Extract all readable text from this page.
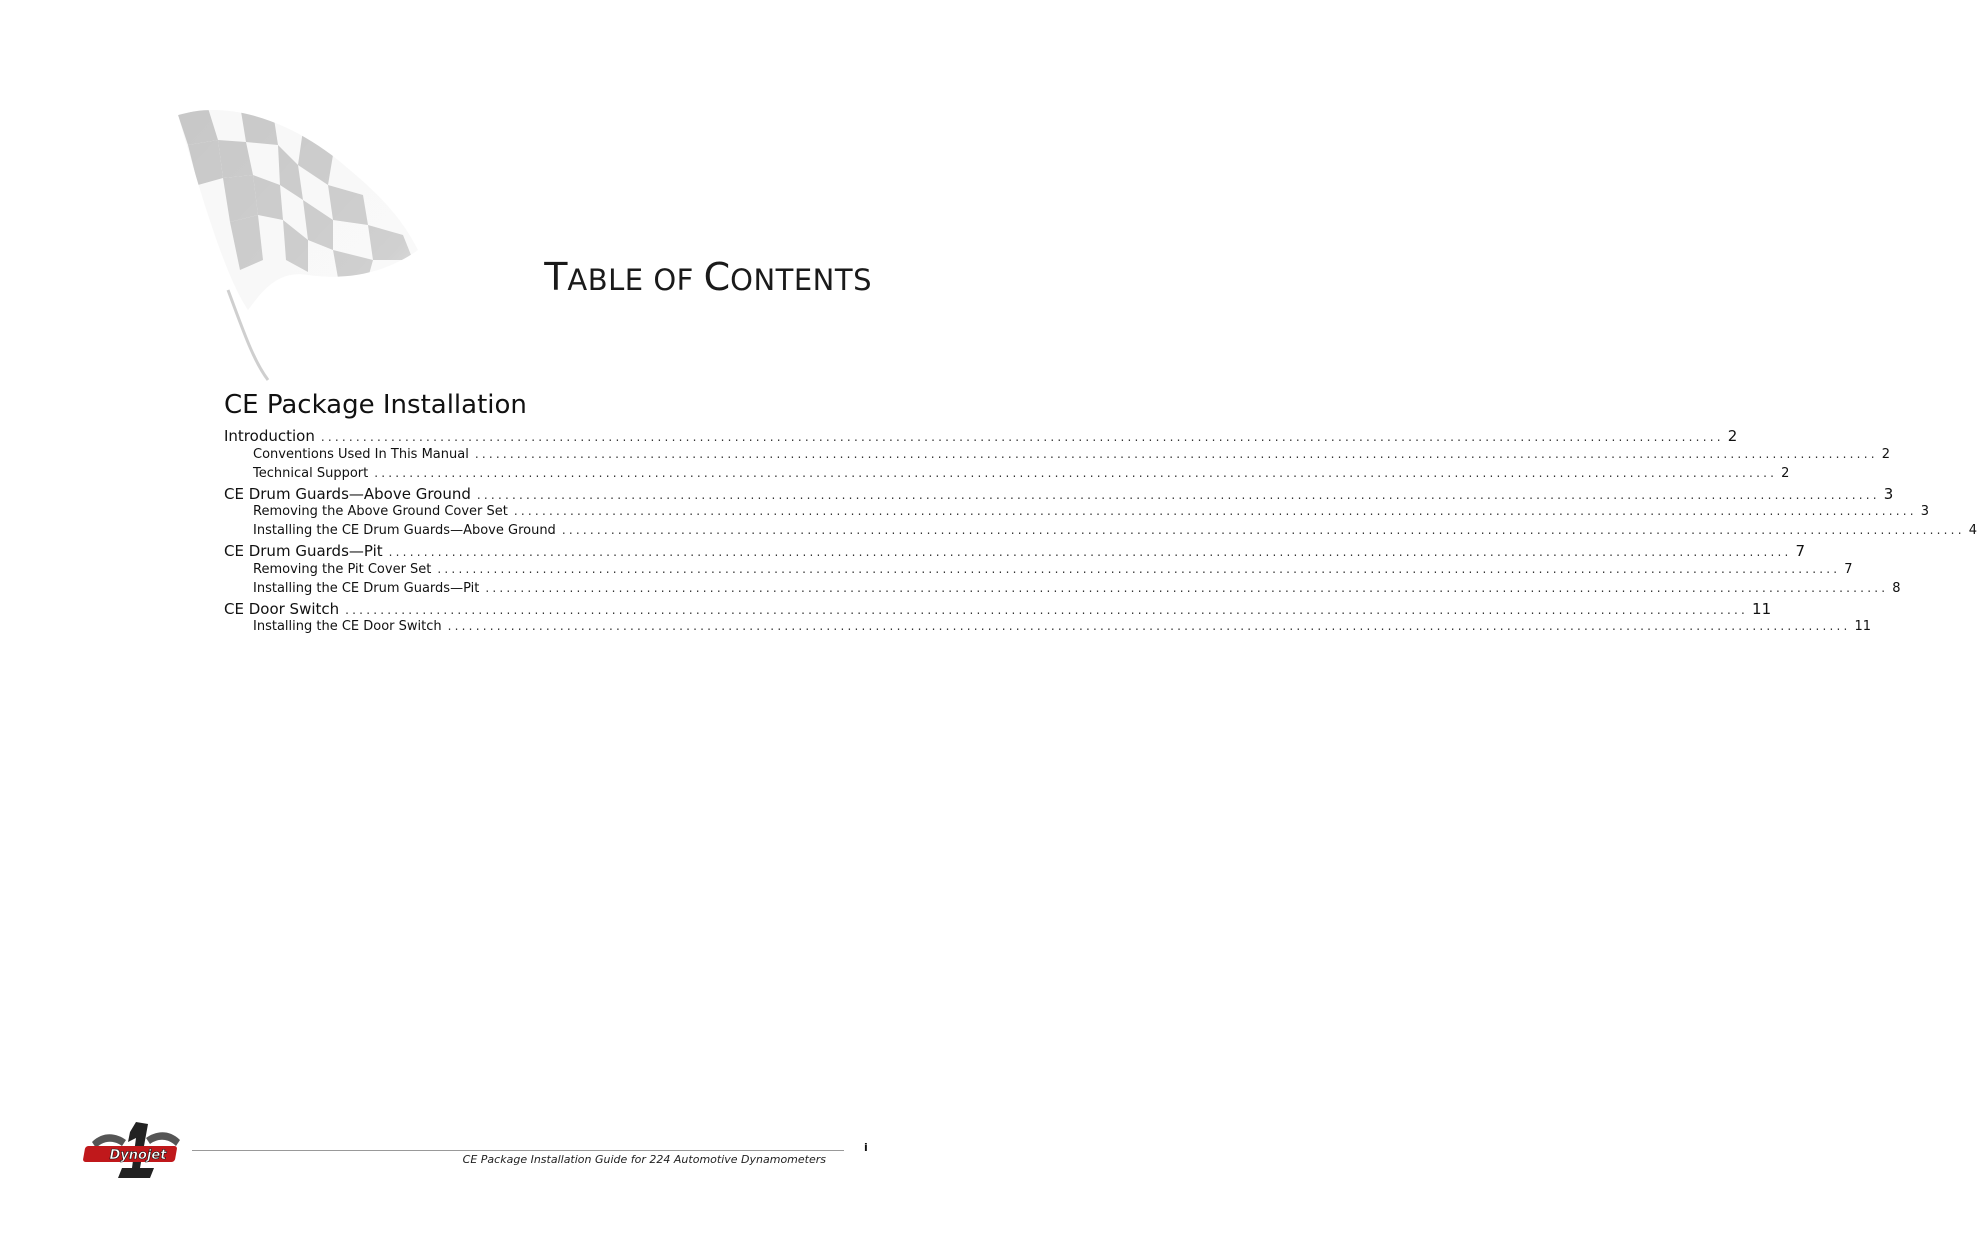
TABLE OF CONTENTS
CE Package Installation
Introduction ........................................................................................................................................................................................................ 2
Conventions Used In This Manual ........................................................................................................................................................................................................ 2
Technical Support ........................................................................................................................................................................................................ 2
CE Drum Guards—Above Ground ........................................................................................................................................................................................................ 3
Removing the Above Ground Cover Set ........................................................................................................................................................................................................ 3
Installing the CE Drum Guards—Above Ground ........................................................................................................................................................................................................ 4
CE Drum Guards—Pit ........................................................................................................................................................................................................ 7
Removing the Pit Cover Set ........................................................................................................................................................................................................ 7
Installing the CE Drum Guards—Pit ........................................................................................................................................................................................................ 8
CE Door Switch ........................................................................................................................................................................................................ 11
Installing the CE Door Switch ........................................................................................................................................................................................................ 11
Dynojet	CE Package Installation Guide for 224 Automotive Dynamometers
i
